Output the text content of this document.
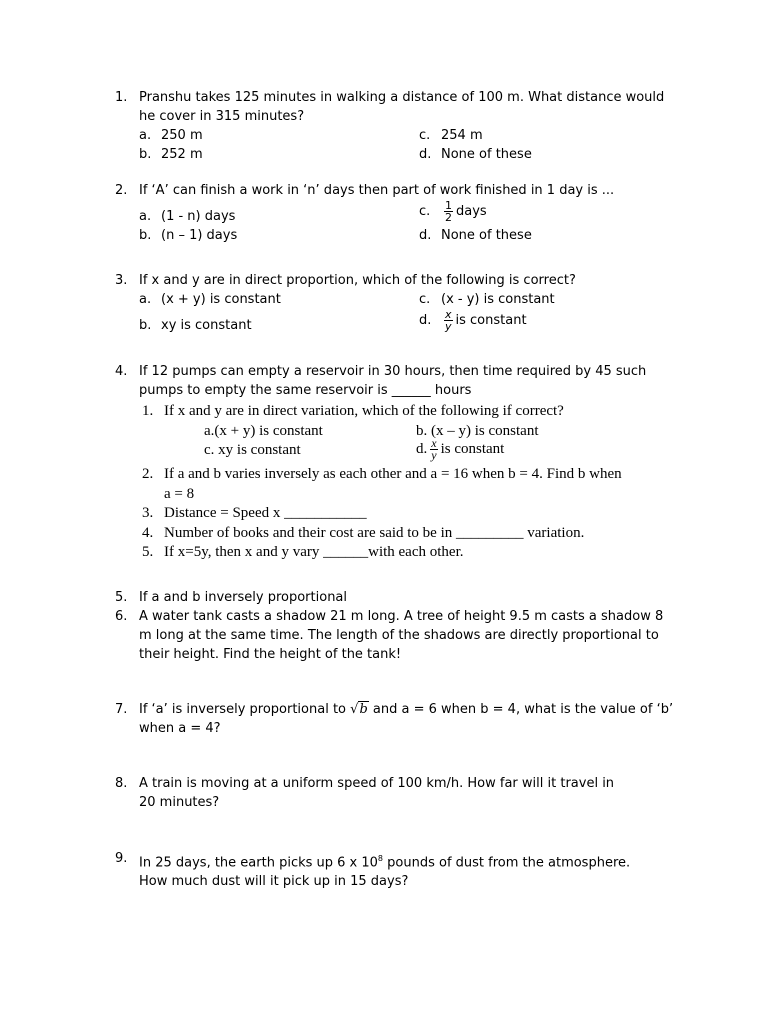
1. Pranshu takes 125 minutes in walking a distance of 100 m. What distance would he cover in 315 minutes?
a. 250 m	c. 254 m
b. 252 m	d. None of these
2. If ‘A’ can finish a work in ‘n’ days then part of work finished in 1 day is ...
a. (1 - n) days	c. $\frac{1}{2}$ days
b. (n – 1) days	d. None of these
3. If x and y are in direct proportion, which of the following is correct?
a. (x + y) is constant	c. (x - y) is constant
b. xy is constant	d. $\frac{x}{y}$ is constant
4. If 12 pumps can empty a reservoir in 30 hours, then time required by 45 such pumps to empty the same reservoir is ______ hours
1. If x and y are in direct variation, which of the following if correct?
a.(x + y) is constant	b. (x – y) is constant
c. xy is constant	d. $\frac{x}{y}$ is constant
2. If a and b varies inversely as each other and a = 16 when b = 4. Find b when
a = 8
3. Distance = Speed x ___________
4. Number of books and their cost are said to be in _________ variation.
5. If x=5y, then x and y vary ______with each other.
5. If a and b inversely proportional
6. A water tank casts a shadow 21 m long. A tree of height 9.5 m casts a shadow 8 m long at the same time. The length of the shadows are directly proportional to their height. Find the height of the tank!
7. If ‘a’ is inversely proportional to √b and a = 6 when b = 4, what is the value of ‘b’ when a = 4?
8. A train is moving at a uniform speed of 100 km/h. How far will it travel in
20 minutes?
9. In 25 days, the earth picks up 6 x $10^8$ pounds of dust from the atmosphere.
How much dust will it pick up in 15 days?
